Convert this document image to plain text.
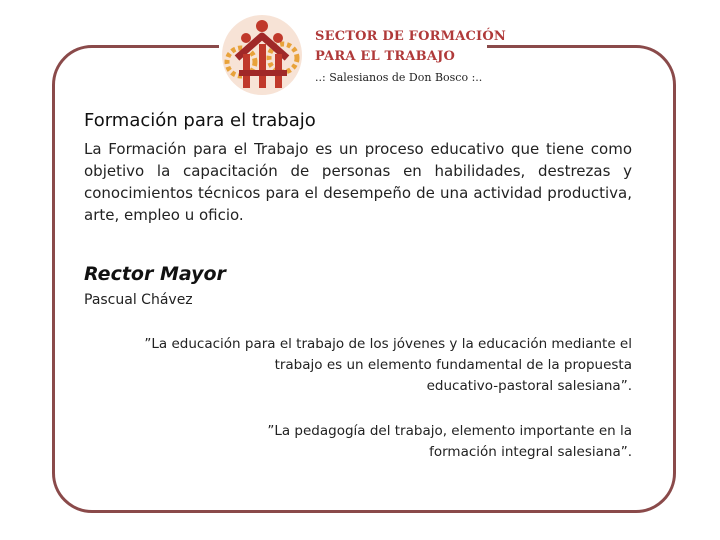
SECTOR DE FORMACIÓN
PARA EL TRABAJO
..: Salesianos de Don Bosco :..
Formación para el trabajo

La Formación para el Trabajo es un proceso educativo que tiene como objetivo la capacitación de personas en habilidades, destrezas y conocimientos técnicos para el desempeño de una actividad productiva, arte, empleo u oficio.

Rector Mayor

Pascual Chávez

”La educación para el trabajo de los jóvenes y la educación mediante el
trabajo es un elemento fundamental de la propuesta
educativo-pastoral salesiana”.

”La pedagogía del trabajo, elemento importante en la
formación integral salesiana”.
